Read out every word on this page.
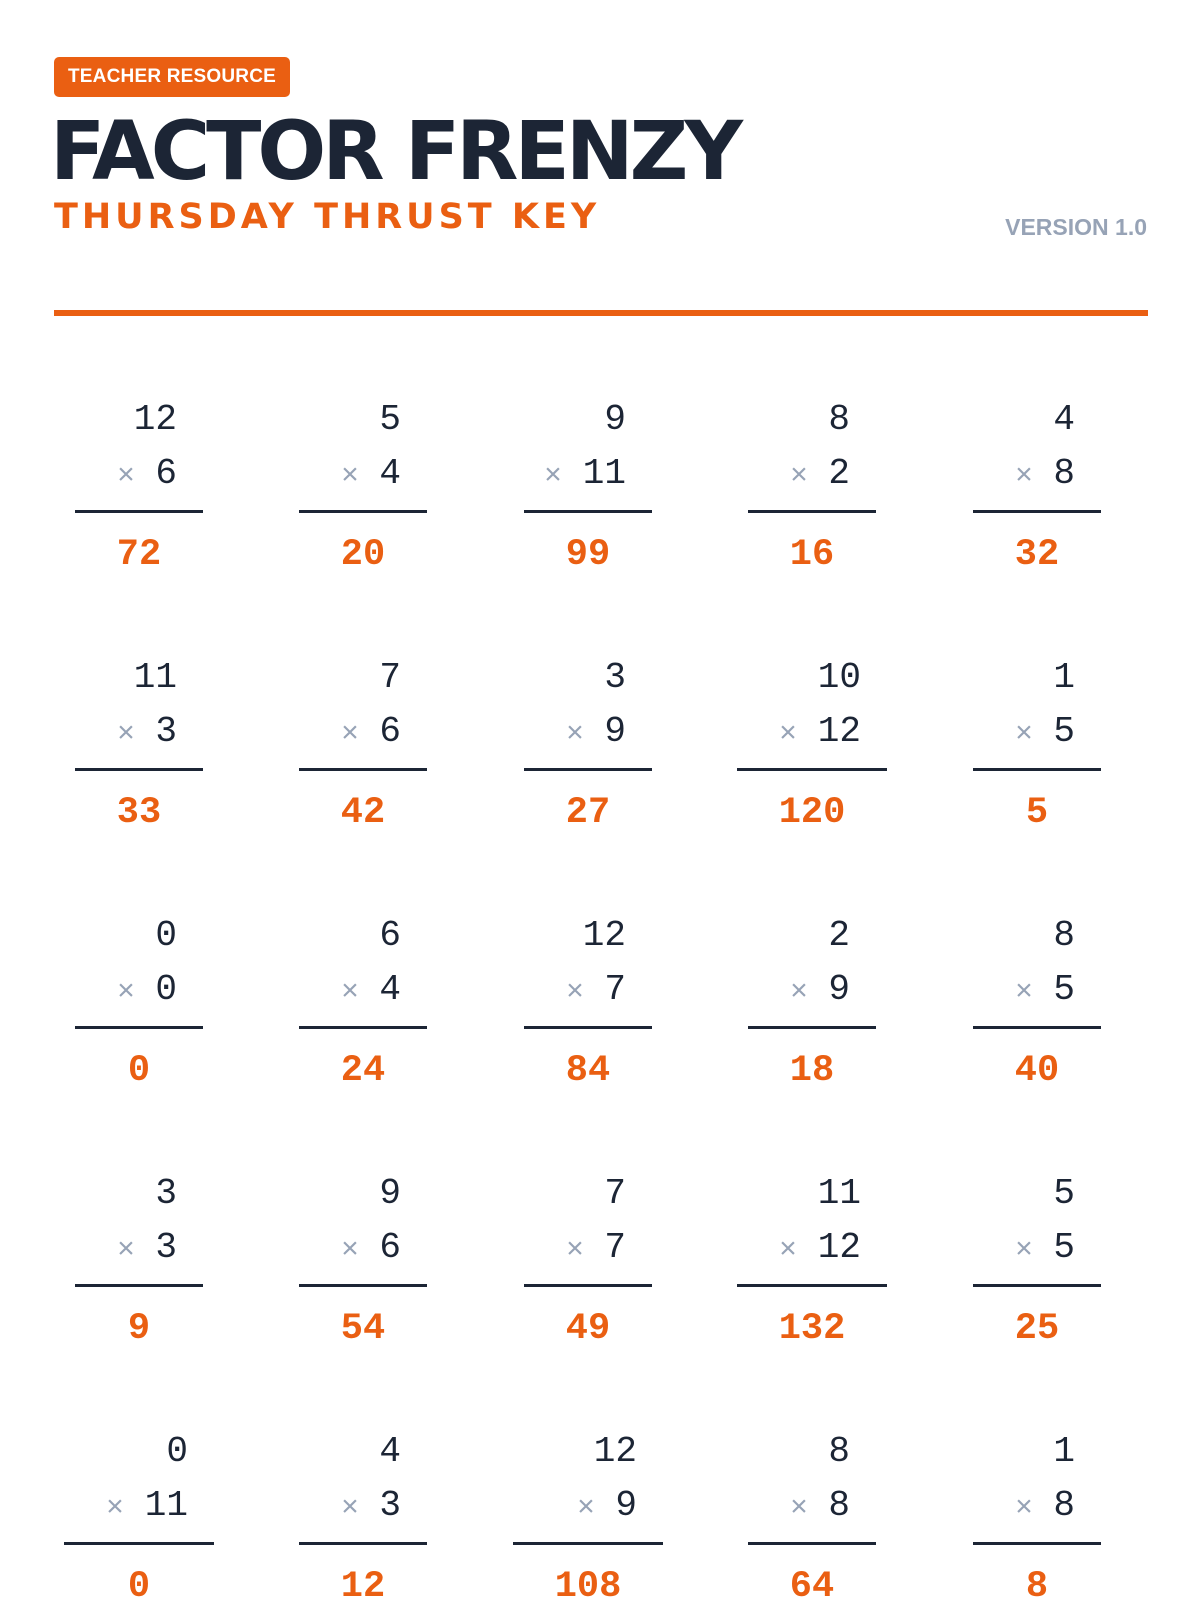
TEACHER RESOURCE
FACTOR FRENZY
THURSDAY THRUST KEY	VERSION 1.0
12
× 6
72
5
× 4
20
9
× 11
99
8
× 2
16
4
× 8
32
11
× 3
33
7
× 6
42
3
× 9
27
10
× 12
120
1
× 5
5
0
× 0
0
6
× 4
24
12
× 7
84
2
× 9
18
8
× 5
40
3
× 3
9
9
× 6
54
7
× 7
49
11
× 12
132
5
× 5
25
0
× 11
0
4
× 3
12
12
× 9
108
8
× 8
64
1
× 8
8
